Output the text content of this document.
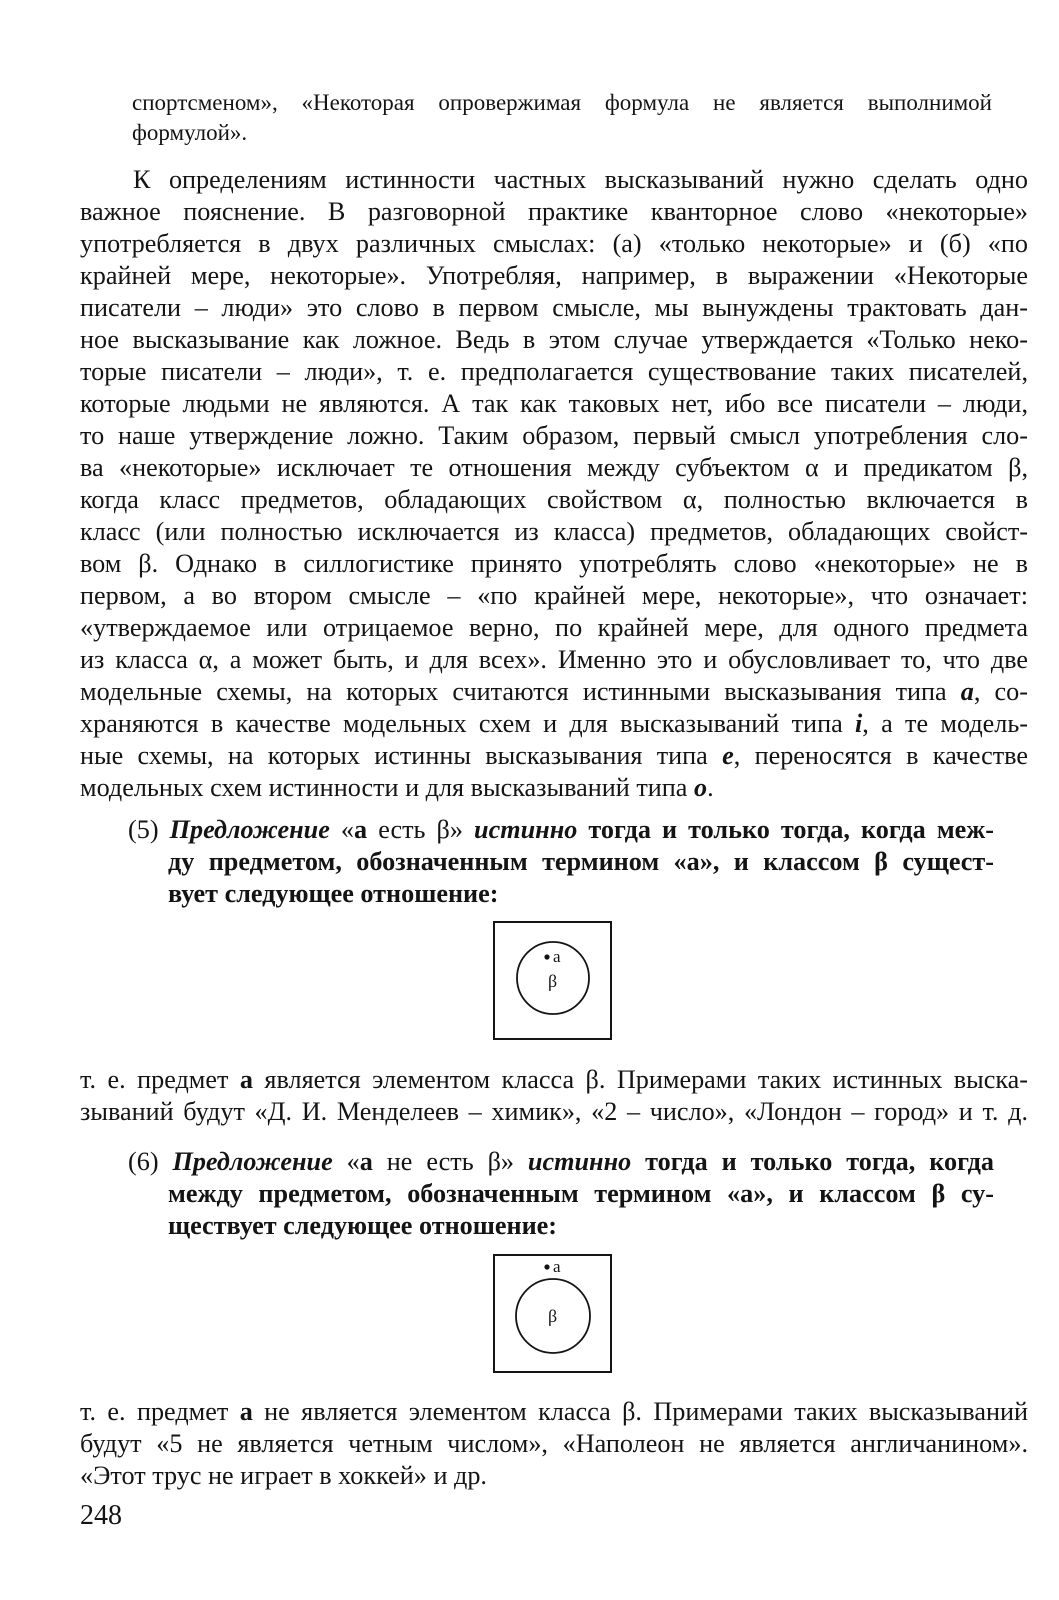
спортсменом», «Некоторая опровержимая формула не является выполнимой
формулой».

К определениям истинности частных высказываний нужно сделать одно
важное пояснение. В разговорной практике кванторное слово «некоторые»
употребляется в двух различных смыслах: (а) «только некоторые» и (б) «по
крайней мере, некоторые». Употребляя, например, в выражении «Некоторые
писатели – люди» это слово в первом смысле, мы вынуждены трактовать дан-
ное высказывание как ложное. Ведь в этом случае утверждается «Только неко-
торые писатели – люди», т. е. предполагается существование таких писателей,
которые людьми не являются. А так как таковых нет, ибо все писатели – люди,
то наше утверждение ложно. Таким образом, первый смысл употребления сло-
ва «некоторые» исключает те отношения между субъектом α и предикатом β,
когда класс предметов, обладающих свойством α, полностью включается в
класс (или полностью исключается из класса) предметов, обладающих свойст-
вом β. Однако в силлогистике принято употреблять слово «некоторые» не в
первом, а во втором смысле – «по крайней мере, некоторые», что означает:
«утверждаемое или отрицаемое верно, по крайней мере, для одного предмета
из класса α, а может быть, и для всех». Именно это и обусловливает то, что две
модельные схемы, на которых считаются истинными высказывания типа a, со-
храняются в качестве модельных схем и для высказываний типа i, а те модель-
ные схемы, на которых истинны высказывания типа e, переносятся в качестве
модельных схем истинности и для высказываний типа o.

(5) Предложение «а есть β» истинно тогда и только тогда, когда меж-
ду предметом, обозначенным термином «а», и классом β сущест-
вует следующее отношение:

a
β

т. е. предмет а является элементом класса β. Примерами таких истинных выска-
зываний будут «Д. И. Менделеев – химик», «2 – число», «Лондон – город» и т. д.

(6) Предложение «а не есть β» истинно тогда и только тогда, когда
между предметом, обозначенным термином «а», и классом β су-
ществует следующее отношение:

a
β

т. е. предмет а не является элементом класса β. Примерами таких высказываний
будут «5 не является четным числом», «Наполеон не является англичанином».
«Этот трус не играет в хоккей» и др.

248
